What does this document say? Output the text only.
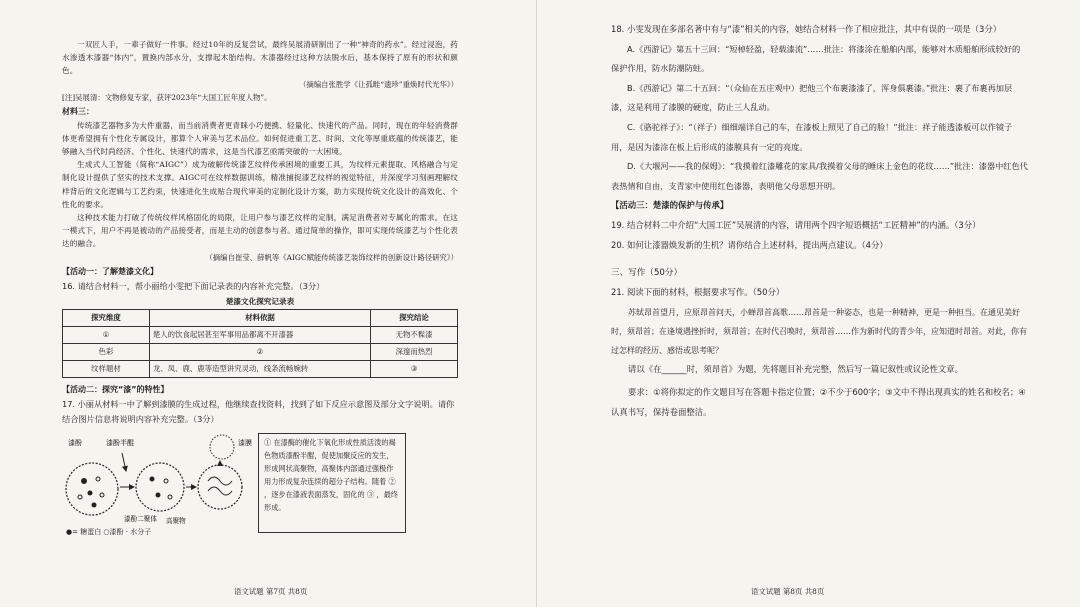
一双匠人手，一辈子做好一件事。经过10年的反复尝试，最终吴展清研制出了一种“神奇的药水”。经过浸泡，药水渗透木漆器“体内”，置换内部水分，支撑起木胎结构。木漆器经过这种方法脱水后，基本保持了原有的形状和颜色。

（摘编自张胜学《让孤畦“遗珍”重焕时代光华》）

[注]吴展清：文物修复专家，获评2023年“大国工匠年度人物”。

材料三：

传统漆艺器物多为大件重器，而当前消费者更青睐小巧便携、轻量化、快速代的产品。同时，现在的年轻消费群体更希望拥有个性化专属设计，都算个人审美与艺术品位。如何促进重工艺、时间、文化等厚重底蕴的传统漆艺，能够融入当代时尚经济、个性化、快速代的需求，这是当代漆艺亟需突破的一大困境。

生成式人工智能（简称“AIGC”）成为破解传统漆艺纹样传承困境的重要工具，为纹样元素提取、风格融合与定制化设计提供了坚实的技术支撑。AIGC可在纹样数据训练，精准捕捉漆艺纹样的视觉特征，并深度学习刻画理解纹样背后的文化逻辑与工艺约束，快速进化生成贴合现代审美的定制化设计方案，助力实现传统文化设计的高效化、个性化的要求。

这种技术能力打破了传统纹样风格固化的局限，让用户参与漆艺纹样的定制，满足消费者对专属化的需求。在这一模式下，用户不再是被动的产品接受者，而是主动的创意参与者。通过简单的操作，即可实现传统漆艺与个性化表达的融合。

（摘编自崔莹、薛帆等《AIGC赋能传统漆艺装饰纹样的创新设计路径研究》）

【活动一：了解楚漆文化】

16. 请结合材料一，帮小丽给小雯把下面记录表的内容补充完整。（3分）

楚漆文化探究记录表
探究维度	材料依据	探究结论
①	楚人的饮食起居甚至军事用品都离不开漆器	无物不髹漆
色彩	②	深邃而热烈
纹样题材	龙、凤、鹿、鹿等造型讲究灵动，线条流畅婉转	③

【活动二：探究“漆”的特性】

17. 小丽从材料一中了解到漆膜的生成过程，他继续查找资料，找到了如下反应示意图及部分文字说明。请你结合图片信息将说明内容补充完整。（3分）

漆酚	漆酚半醌
漆酚二聚体 高聚物
漆膜
●= 糖蛋白 ○漆酚 · 水分子
① 在漆酶的催化下氧化形成性质活泼的褐色物质漆酚半醌，促使加聚反应的发生，形成网状高聚物，高聚体内部通过强极作用力形成复杂连续的超分子结构。随着 ② ，逐步在漆液表面蒸发，固化的 ③ ，最终形成。
语文试题 第7页 共8页

18. 小雯发现在多部名著中有与“漆”相关的内容，她结合材料一作了相应批注，其中有误的一项是（3分）

A.《西游记》第五十三回：“短棹轻盈，轻载漆流”……批注：将漆涂在船舶内部，能够对木质船舶形成较好的保护作用，防水防潮防蛀。

B.《西游记》第二十五回：“（众仙在五庄观中）把他三个布裹漆漆了，浑身俱裹漆。”批注：裹了布裹再加层漆，这是利用了漆膜的硬度，防止三人乱动。

C.《骆驼祥子》：“（祥子）细细端详自己的车，在漆板上照见了自己的脸！”批注：祥子能透漆板可以作镜子用，是因为漆涂在板上后形成的漆膜具有一定的亮度。

D.《大堰河——我的保姆》：“我摸着红漆雕花的家具/我摸着父母的睡床上金色的花纹……”批注：漆器中红色代表热情和自由，支青家中使用红色漆器，表明他父母思想开明。

【活动三：楚漆的保护与传承】

19. 结合材料二中介绍“大国工匠”吴展清的内容，请用两个四字短语概括“工匠精神”的内涵。（3分）

20. 如何让漆器焕发新的生机？请你结合上述材料，提出两点建议。（4分）

三、写作（50分）

21. 阅读下面的材料，根据要求写作。（50分）

苏轼昂首望月，应原昂首问天，小蝉昂首高歌……昂首是一种姿态，也是一种精神，更是一种担当。在通见美好时，须昂首；在逢境遇挫折时，须昂首；在时代召唤时，须昂首……作为新时代的青少年，应知道时昂首。对此，你有过怎样的经历、感悟或思考呢？

请以《在______时，须昂首》为题，先将题目补充完整，然后写一篇记叙性或议论性文章。

要求：①将你拟定的作文题目写在答题卡指定位置；②不少于600字；③文中不得出现真实的姓名和校名；④认真书写，保持卷面整洁。

语文试题 第8页 共8页
